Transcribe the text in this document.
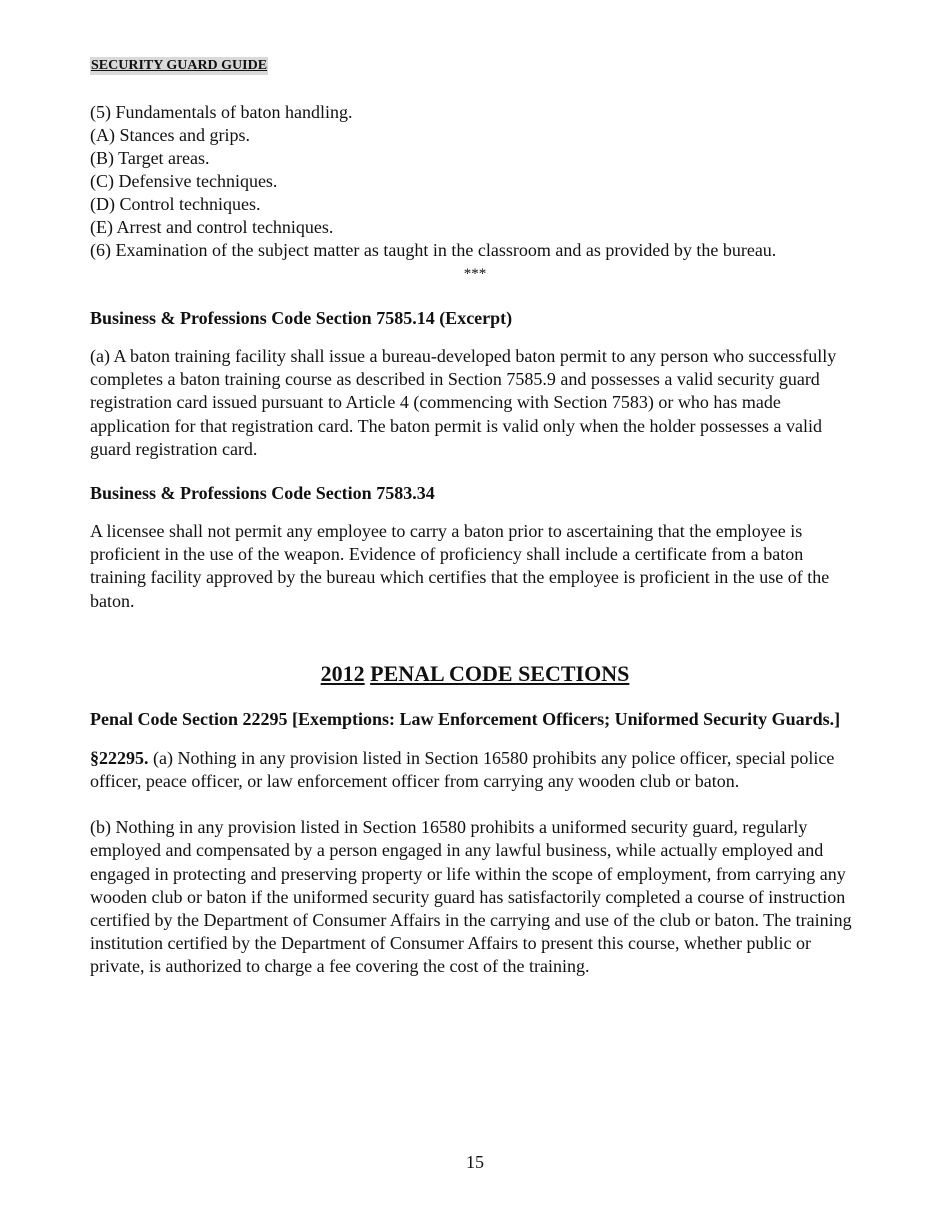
SECURITY GUARD GUIDE
(5) Fundamentals of baton handling.
(A) Stances and grips.
(B) Target areas.
(C) Defensive techniques.
(D) Control techniques.
(E) Arrest and control techniques.
(6) Examination of the subject matter as taught in the classroom and as provided by the bureau.
***
Business & Professions Code Section 7585.14 (Excerpt)

(a) A baton training facility shall issue a bureau-developed baton permit to any person who successfully completes a baton training course as described in Section 7585.9 and possesses a valid security guard registration card issued pursuant to Article 4 (commencing with Section 7583) or who has made application for that registration card. The baton permit is valid only when the holder possesses a valid guard registration card.

Business & Professions Code Section 7583.34

A licensee shall not permit any employee to carry a baton prior to ascertaining that the employee is proficient in the use of the weapon. Evidence of proficiency shall include a certificate from a baton training facility approved by the bureau which certifies that the employee is proficient in the use of the baton.

2012 PENAL CODE SECTIONS
Penal Code Section 22295 [Exemptions: Law Enforcement Officers; Uniformed Security Guards.]

§22295. (a) Nothing in any provision listed in Section 16580 prohibits any police officer, special police officer, peace officer, or law enforcement officer from carrying any wooden club or baton.

(b) Nothing in any provision listed in Section 16580 prohibits a uniformed security guard, regularly employed and compensated by a person engaged in any lawful business, while actually employed and engaged in protecting and preserving property or life within the scope of employment, from carrying any wooden club or baton if the uniformed security guard has satisfactorily completed a course of instruction certified by the Department of Consumer Affairs in the carrying and use of the club or baton. The training institution certified by the Department of Consumer Affairs to present this course, whether public or private, is authorized to charge a fee covering the cost of the training.

15
